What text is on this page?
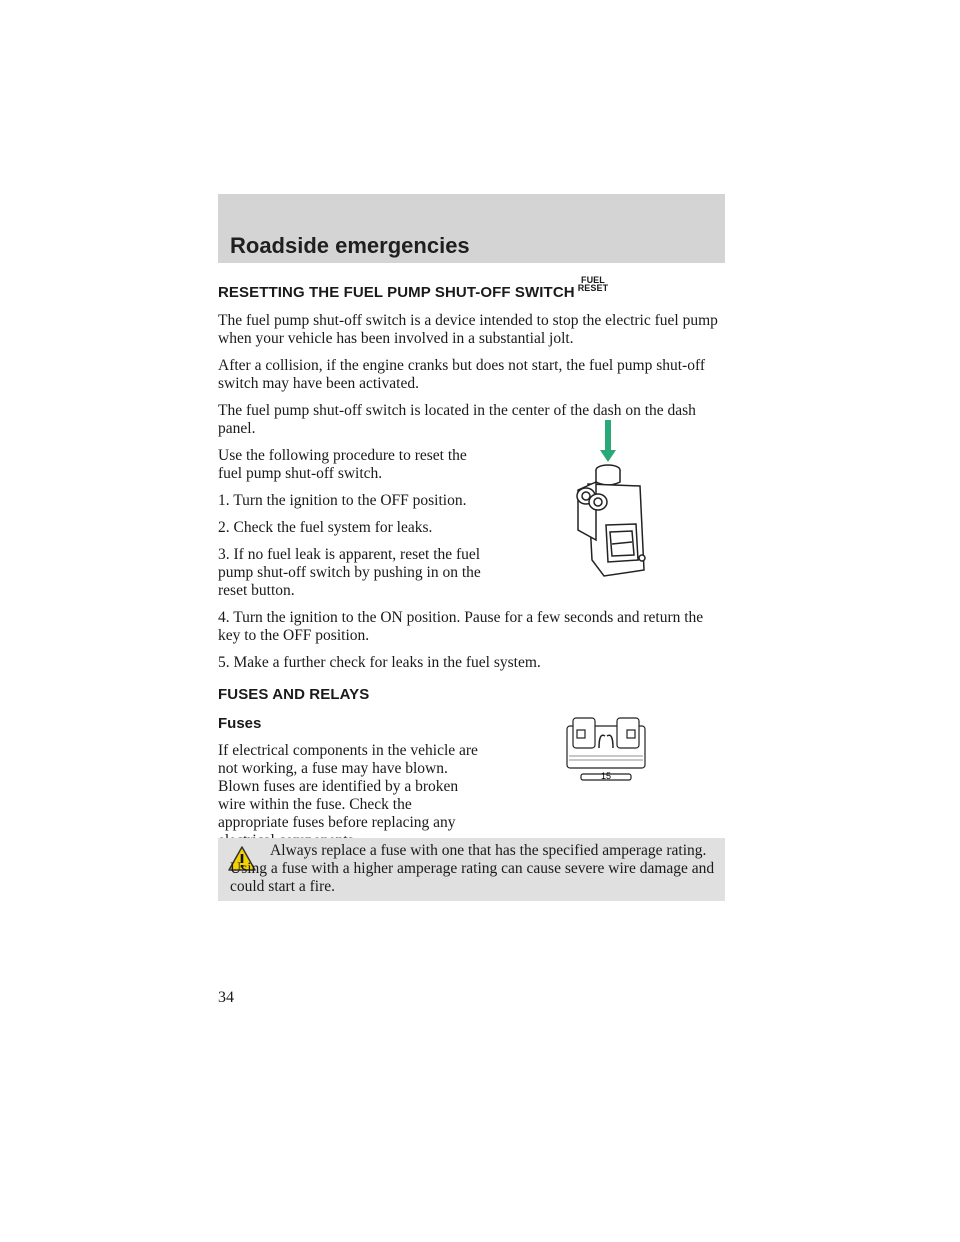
Roadside emergencies
RESETTING THE FUEL PUMP SHUT-OFF SWITCH
FUEL
RESET

The fuel pump shut-off switch is a device intended to stop the electric fuel pump when your vehicle has been involved in a substantial jolt.

After a collision, if the engine cranks but does not start, the fuel pump shut-off switch may have been activated.

The fuel pump shut-off switch is located in the center of the dash on the dash panel.

Use the following procedure to reset the fuel pump shut-off switch.

1. Turn the ignition to the OFF position.

2. Check the fuel system for leaks.

3. If no fuel leak is apparent, reset the fuel pump shut-off switch by pushing in on the reset button.

4. Turn the ignition to the ON position. Pause for a few seconds and return the key to the OFF position.

5. Make a further check for leaks in the fuel system.

FUSES AND RELAYS
Fuses

If electrical components in the vehicle are not working, a fuse may have blown. Blown fuses are identified by a broken wire within the fuse. Check the appropriate fuses before replacing any

15

Always replace a fuse with one that has the specified amperage rating. Using a fuse with a higher amperage rating can cause severe wire damage and could start a fire.

34
